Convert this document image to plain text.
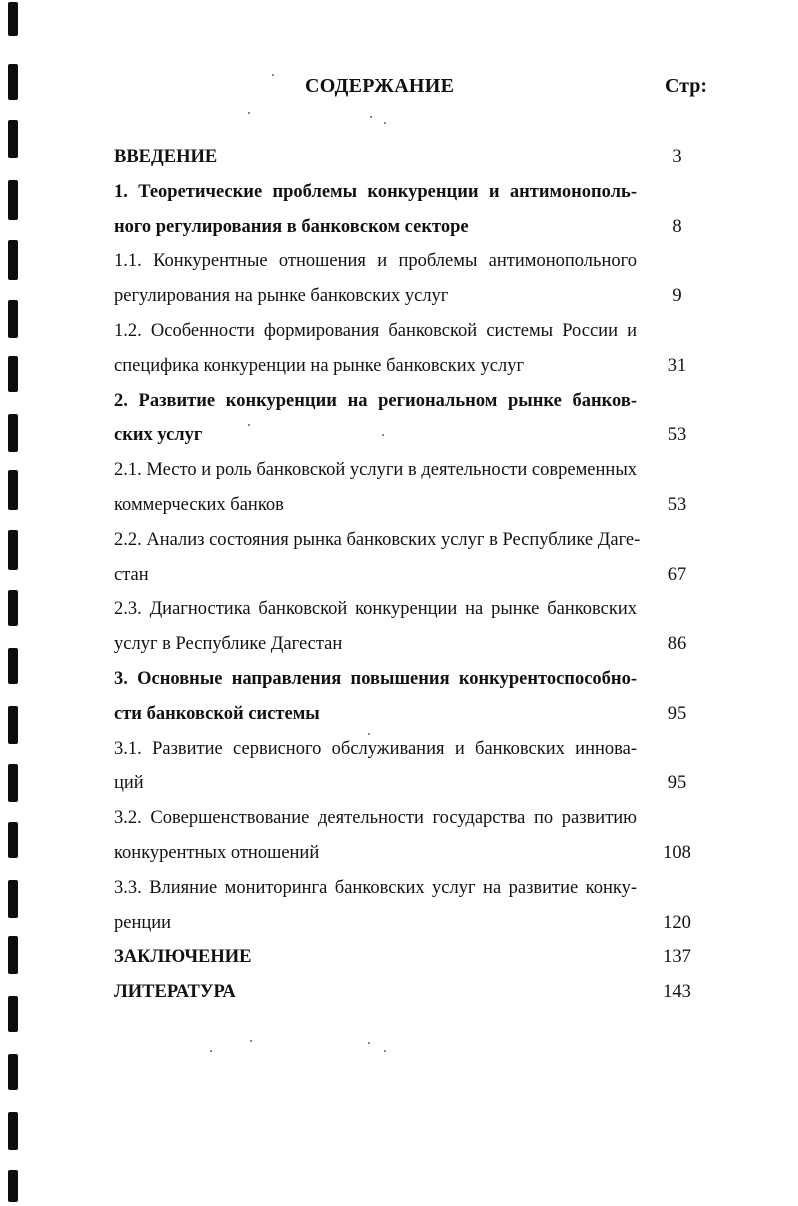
СОДЕРЖАНИЕ	Стр:
ВВЕДЕНИЕ	3
1. Теоретические проблемы конкуренции и антимонополь-
ного регулирования в банковском секторе	8
1.1. Конкурентные отношения и проблемы антимонопольного
регулирования на рынке банковских услуг	9
1.2. Особенности формирования банковской системы России и
специфика конкуренции на рынке банковских услуг	31
2. Развитие конкуренции на региональном рынке банков-
ских услуг	53
2.1. Место и роль банковской услуги в деятельности современных
коммерческих банков	53
2.2. Анализ состояния рынка банковских услуг в Республике Даге-
стан	67
2.3. Диагностика банковской конкуренции на рынке банковских
услуг в Республике Дагестан	86
3. Основные направления повышения конкурентоспособно-
сти банковской системы	95
3.1. Развитие сервисного обслуживания и банковских иннова-
ций	95
3.2. Совершенствование деятельности государства по развитию
конкурентных отношений	108
3.3. Влияние мониторинга банковских услуг на развитие конку-
ренции	120
ЗАКЛЮЧЕНИЕ	137
ЛИТЕРАТУРА	143
